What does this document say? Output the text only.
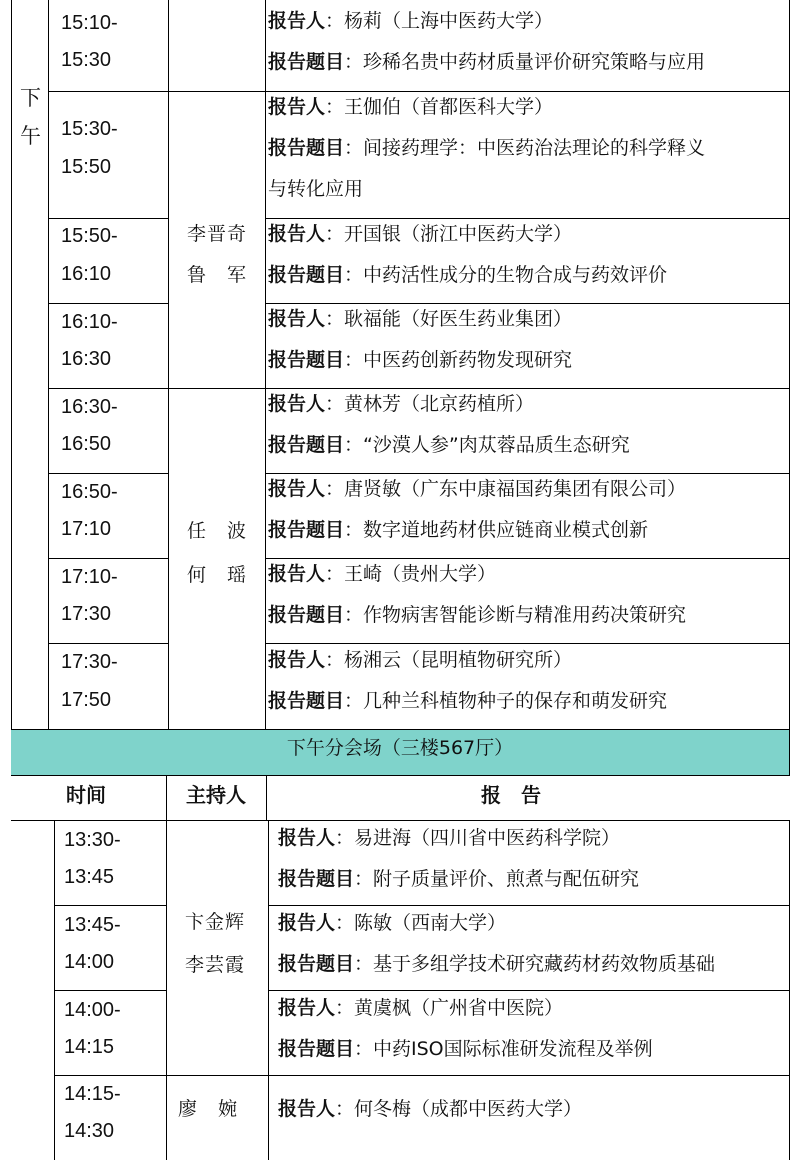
下
午
15:10-
15:30
报告人：杨莉（上海中医药大学）
报告题目：珍稀名贵中药材质量评价研究策略与应用
15:30-
15:50
报告人：王伽伯（首都医科大学）
报告题目：间接药理学：中医药治法理论的科学释义
与转化应用
15:50-
16:10
报告人：开国银（浙江中医药大学）
报告题目：中药活性成分的生物合成与药效评价
16:10-
16:30
报告人：耿福能（好医生药业集团）
报告题目：中医药创新药物发现研究
16:30-
16:50
报告人：黄林芳（北京药植所）
报告题目：“沙漠人参”肉苁蓉品质生态研究
16:50-
17:10
报告人：唐贤敏（广东中康福国药集团有限公司）
报告题目：数字道地药材供应链商业模式创新
17:10-
17:30
报告人：王崎（贵州大学）
报告题目：作物病害智能诊断与精准用药决策研究
17:30-
17:50
报告人：杨湘云（昆明植物研究所）
报告题目：几种兰科植物种子的保存和萌发研究
李晋奇
鲁　军
任　波
何　瑶
下午分会场（三楼567厅）
时间	主持人	报　告
13:30-
13:45
报告人：易进海（四川省中医药科学院）
报告题目：附子质量评价、煎煮与配伍研究
13:45-
14:00
报告人：陈敏（西南大学）
报告题目：基于多组学技术研究藏药材药效物质基础
14:00-
14:15
报告人：黄虞枫（广州省中医院）
报告题目：中药ISO国际标准研发流程及举例
14:15-
14:30
报告人：何冬梅（成都中医药大学）
卞金辉
李芸霞
廖　婉
